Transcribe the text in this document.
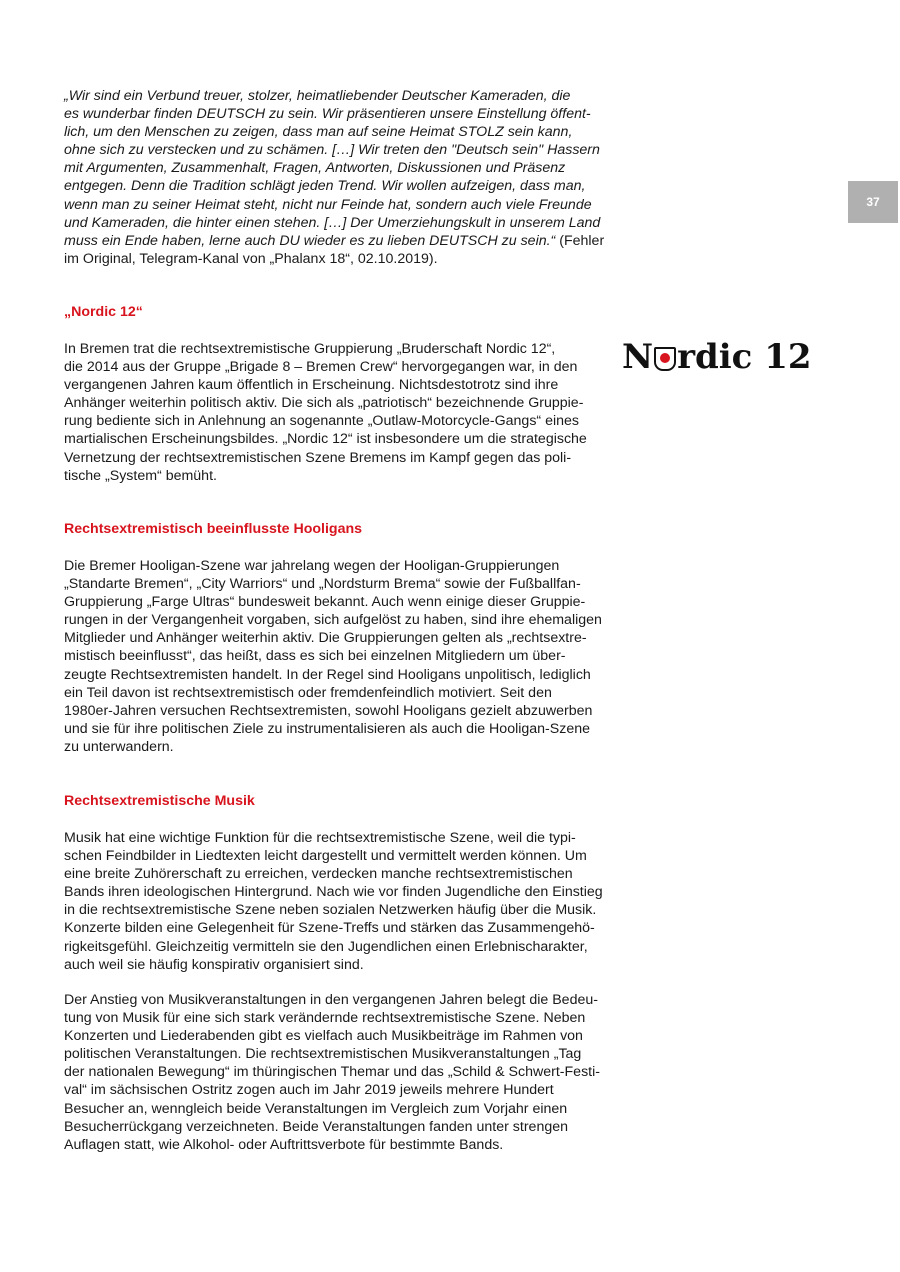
37
„Wir sind ein Verbund treuer, stolzer, heimatliebender Deutscher Kameraden, die
es wunderbar finden DEUTSCH zu sein. Wir präsentieren unsere Einstellung öffent-
lich, um den Menschen zu zeigen, dass man auf seine Heimat STOLZ sein kann,
ohne sich zu verstecken und zu schämen. […] Wir treten den "Deutsch sein" Hassern
mit Argumenten, Zusammenhalt, Fragen, Antworten, Diskussionen und Präsenz
entgegen. Denn die Tradition schlägt jeden Trend. Wir wollen aufzeigen, dass man,
wenn man zu seiner Heimat steht, nicht nur Feinde hat, sondern auch viele Freunde
und Kameraden, die hinter einen stehen. […] Der Umerziehungskult in unserem Land
muss ein Ende haben, lerne auch DU wieder es zu lieben DEUTSCH zu sein.“ (Fehler
im Original, Telegram-Kanal von „Phalanx 18“, 02.10.2019).
„Nordic 12“
In Bremen trat die rechtsextremistische Gruppierung „Bruderschaft Nordic 12“,
die 2014 aus der Gruppe „Brigade 8 – Bremen Crew“ hervorgegangen war, in den
vergangenen Jahren kaum öffentlich in Erscheinung. Nichtsdestotrotz sind ihre
Anhänger weiterhin politisch aktiv. Die sich als „patriotisch“ bezeichnende Gruppie-
rung bediente sich in Anlehnung an sogenannte „Outlaw-Motorcycle-Gangs“ eines
martialischen Erscheinungsbildes. „Nordic 12“ ist insbesondere um die strategische
Vernetzung der rechtsextremistischen Szene Bremens im Kampf gegen das poli-
tische „System“ bemüht.
N rdic 12
Rechtsextremistisch beeinflusste Hooligans
Die Bremer Hooligan-Szene war jahrelang wegen der Hooligan-Gruppierungen
„Standarte Bremen“, „City Warriors“ und „Nordsturm Brema“ sowie der Fußballfan-
Gruppierung „Farge Ultras“ bundesweit bekannt. Auch wenn einige dieser Gruppie-
rungen in der Vergangenheit vorgaben, sich aufgelöst zu haben, sind ihre ehemaligen
Mitglieder und Anhänger weiterhin aktiv. Die Gruppierungen gelten als „rechtsextre-
mistisch beeinflusst“, das heißt, dass es sich bei einzelnen Mitgliedern um über-
zeugte Rechtsextremisten handelt. In der Regel sind Hooligans unpolitisch, lediglich
ein Teil davon ist rechtsextremistisch oder fremdenfeindlich motiviert. Seit den
1980er-Jahren versuchen Rechtsextremisten, sowohl Hooligans gezielt abzuwerben
und sie für ihre politischen Ziele zu instrumentalisieren als auch die Hooligan-Szene
zu unterwandern.
Rechtsextremistische Musik
Musik hat eine wichtige Funktion für die rechtsextremistische Szene, weil die typi-
schen Feindbilder in Liedtexten leicht dargestellt und vermittelt werden können. Um
eine breite Zuhörerschaft zu erreichen, verdecken manche rechtsextremistischen
Bands ihren ideologischen Hintergrund. Nach wie vor finden Jugendliche den Einstieg
in die rechtsextremistische Szene neben sozialen Netzwerken häufig über die Musik.
Konzerte bilden eine Gelegenheit für Szene-Treffs und stärken das Zusammengehö-
rigkeitsgefühl. Gleichzeitig vermitteln sie den Jugendlichen einen Erlebnischarakter,
auch weil sie häufig konspirativ organisiert sind.
Der Anstieg von Musikveranstaltungen in den vergangenen Jahren belegt die Bedeu-
tung von Musik für eine sich stark verändernde rechtsextremistische Szene. Neben
Konzerten und Liederabenden gibt es vielfach auch Musikbeiträge im Rahmen von
politischen Veranstaltungen. Die rechtsextremistischen Musikveranstaltungen „Tag
der nationalen Bewegung“ im thüringischen Themar und das „Schild & Schwert-Festi-
val“ im sächsischen Ostritz zogen auch im Jahr 2019 jeweils mehrere Hundert
Besucher an, wenngleich beide Veranstaltungen im Vergleich zum Vorjahr einen
Besucherrückgang verzeichneten. Beide Veranstaltungen fanden unter strengen
Auflagen statt, wie Alkohol- oder Auftrittsverbote für bestimmte Bands.
